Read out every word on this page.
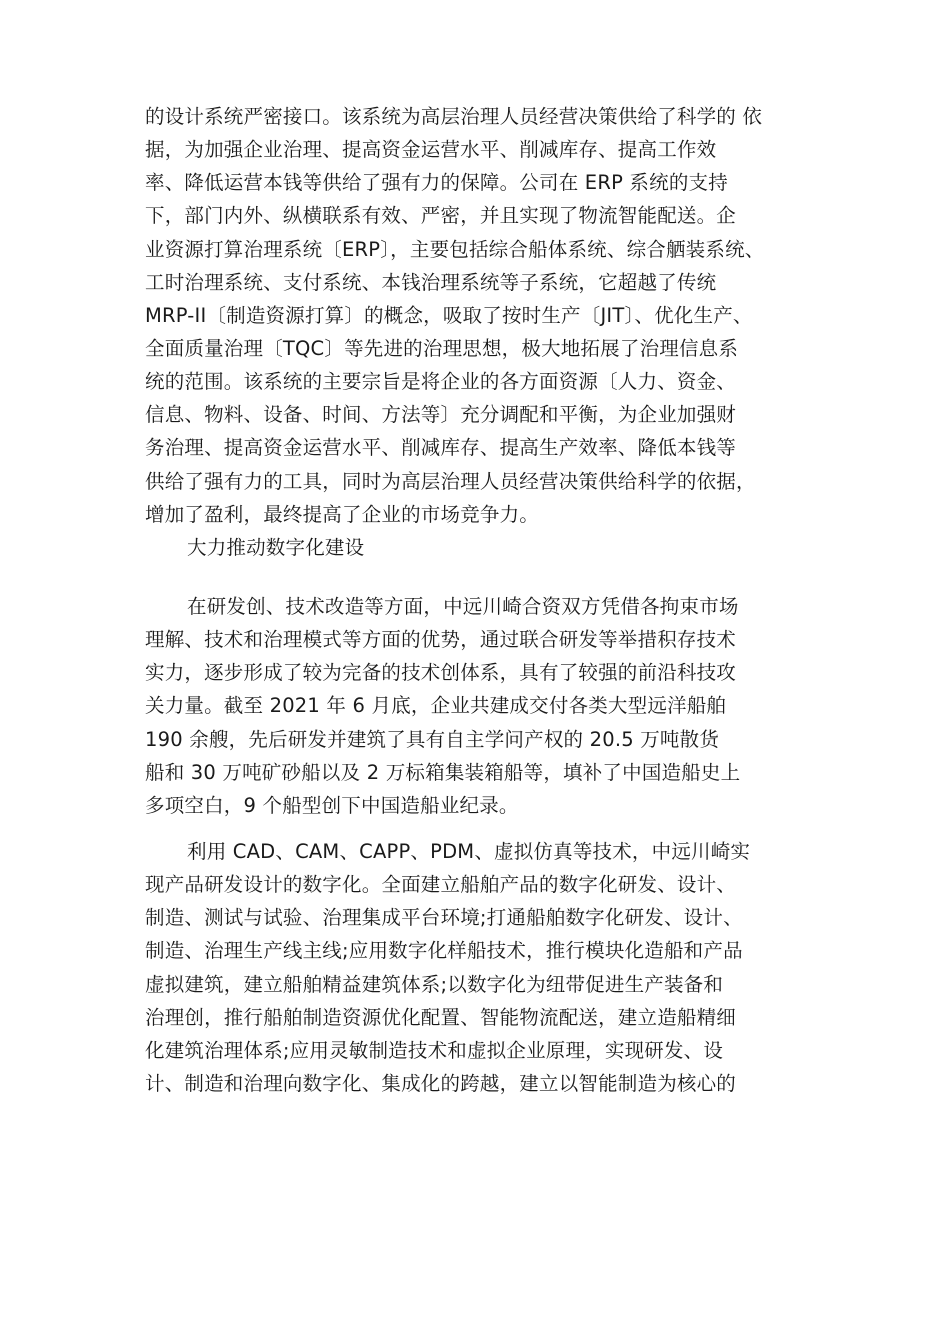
的设计系统严密接口。该系统为高层治理人员经营决策供给了科学的 依
据，为加强企业治理、提高资金运营水平、削减库存、提高工作效
率、降低运营本钱等供给了强有力的保障。公司在 ERP 系统的支持
下，部门内外、纵横联系有效、严密，并且实现了物流智能配送。企
业资源打算治理系统〔ERP〕，主要包括综合船体系统、综合舾装系统、
工时治理系统、支付系统、本钱治理系统等子系统，它超越了传统
MRP-II〔制造资源打算〕的概念，吸取了按时生产〔JIT〕、优化生产、
全面质量治理〔TQC〕等先进的治理思想，极大地拓展了治理信息系
统的范围。该系统的主要宗旨是将企业的各方面资源〔人力、资金、
信息、物料、设备、时间、方法等〕充分调配和平衡，为企业加强财
务治理、提高资金运营水平、削减库存、提高生产效率、降低本钱等
供给了强有力的工具，同时为高层治理人员经营决策供给科学的依据，
增加了盈利，最终提高了企业的市场竞争力。
大力推动数字化建设
在研发创、技术改造等方面，中远川崎合资双方凭借各拘束市场
理解、技术和治理模式等方面的优势，通过联合研发等举措积存技术
实力，逐步形成了较为完备的技术创体系，具有了较强的前沿科技攻
关力量。截至 2021 年 6 月底，企业共建成交付各类大型远洋船舶
190 余艘，先后研发并建筑了具有自主学问产权的 20.5 万吨散货
船和 30 万吨矿砂船以及 2 万标箱集装箱船等，填补了中国造船史上
多项空白，9 个船型创下中国造船业纪录。
利用 CAD、CAM、CAPP、PDM、虚拟仿真等技术，中远川崎实
现产品研发设计的数字化。全面建立船舶产品的数字化研发、设计、
制造、测试与试验、治理集成平台环境;打通船舶数字化研发、设计、
制造、治理生产线主线;应用数字化样船技术，推行模块化造船和产品
虚拟建筑，建立船舶精益建筑体系;以数字化为纽带促进生产装备和
治理创，推行船舶制造资源优化配置、智能物流配送，建立造船精细
化建筑治理体系;应用灵敏制造技术和虚拟企业原理，实现研发、设
计、制造和治理向数字化、集成化的跨越，建立以智能制造为核心的
